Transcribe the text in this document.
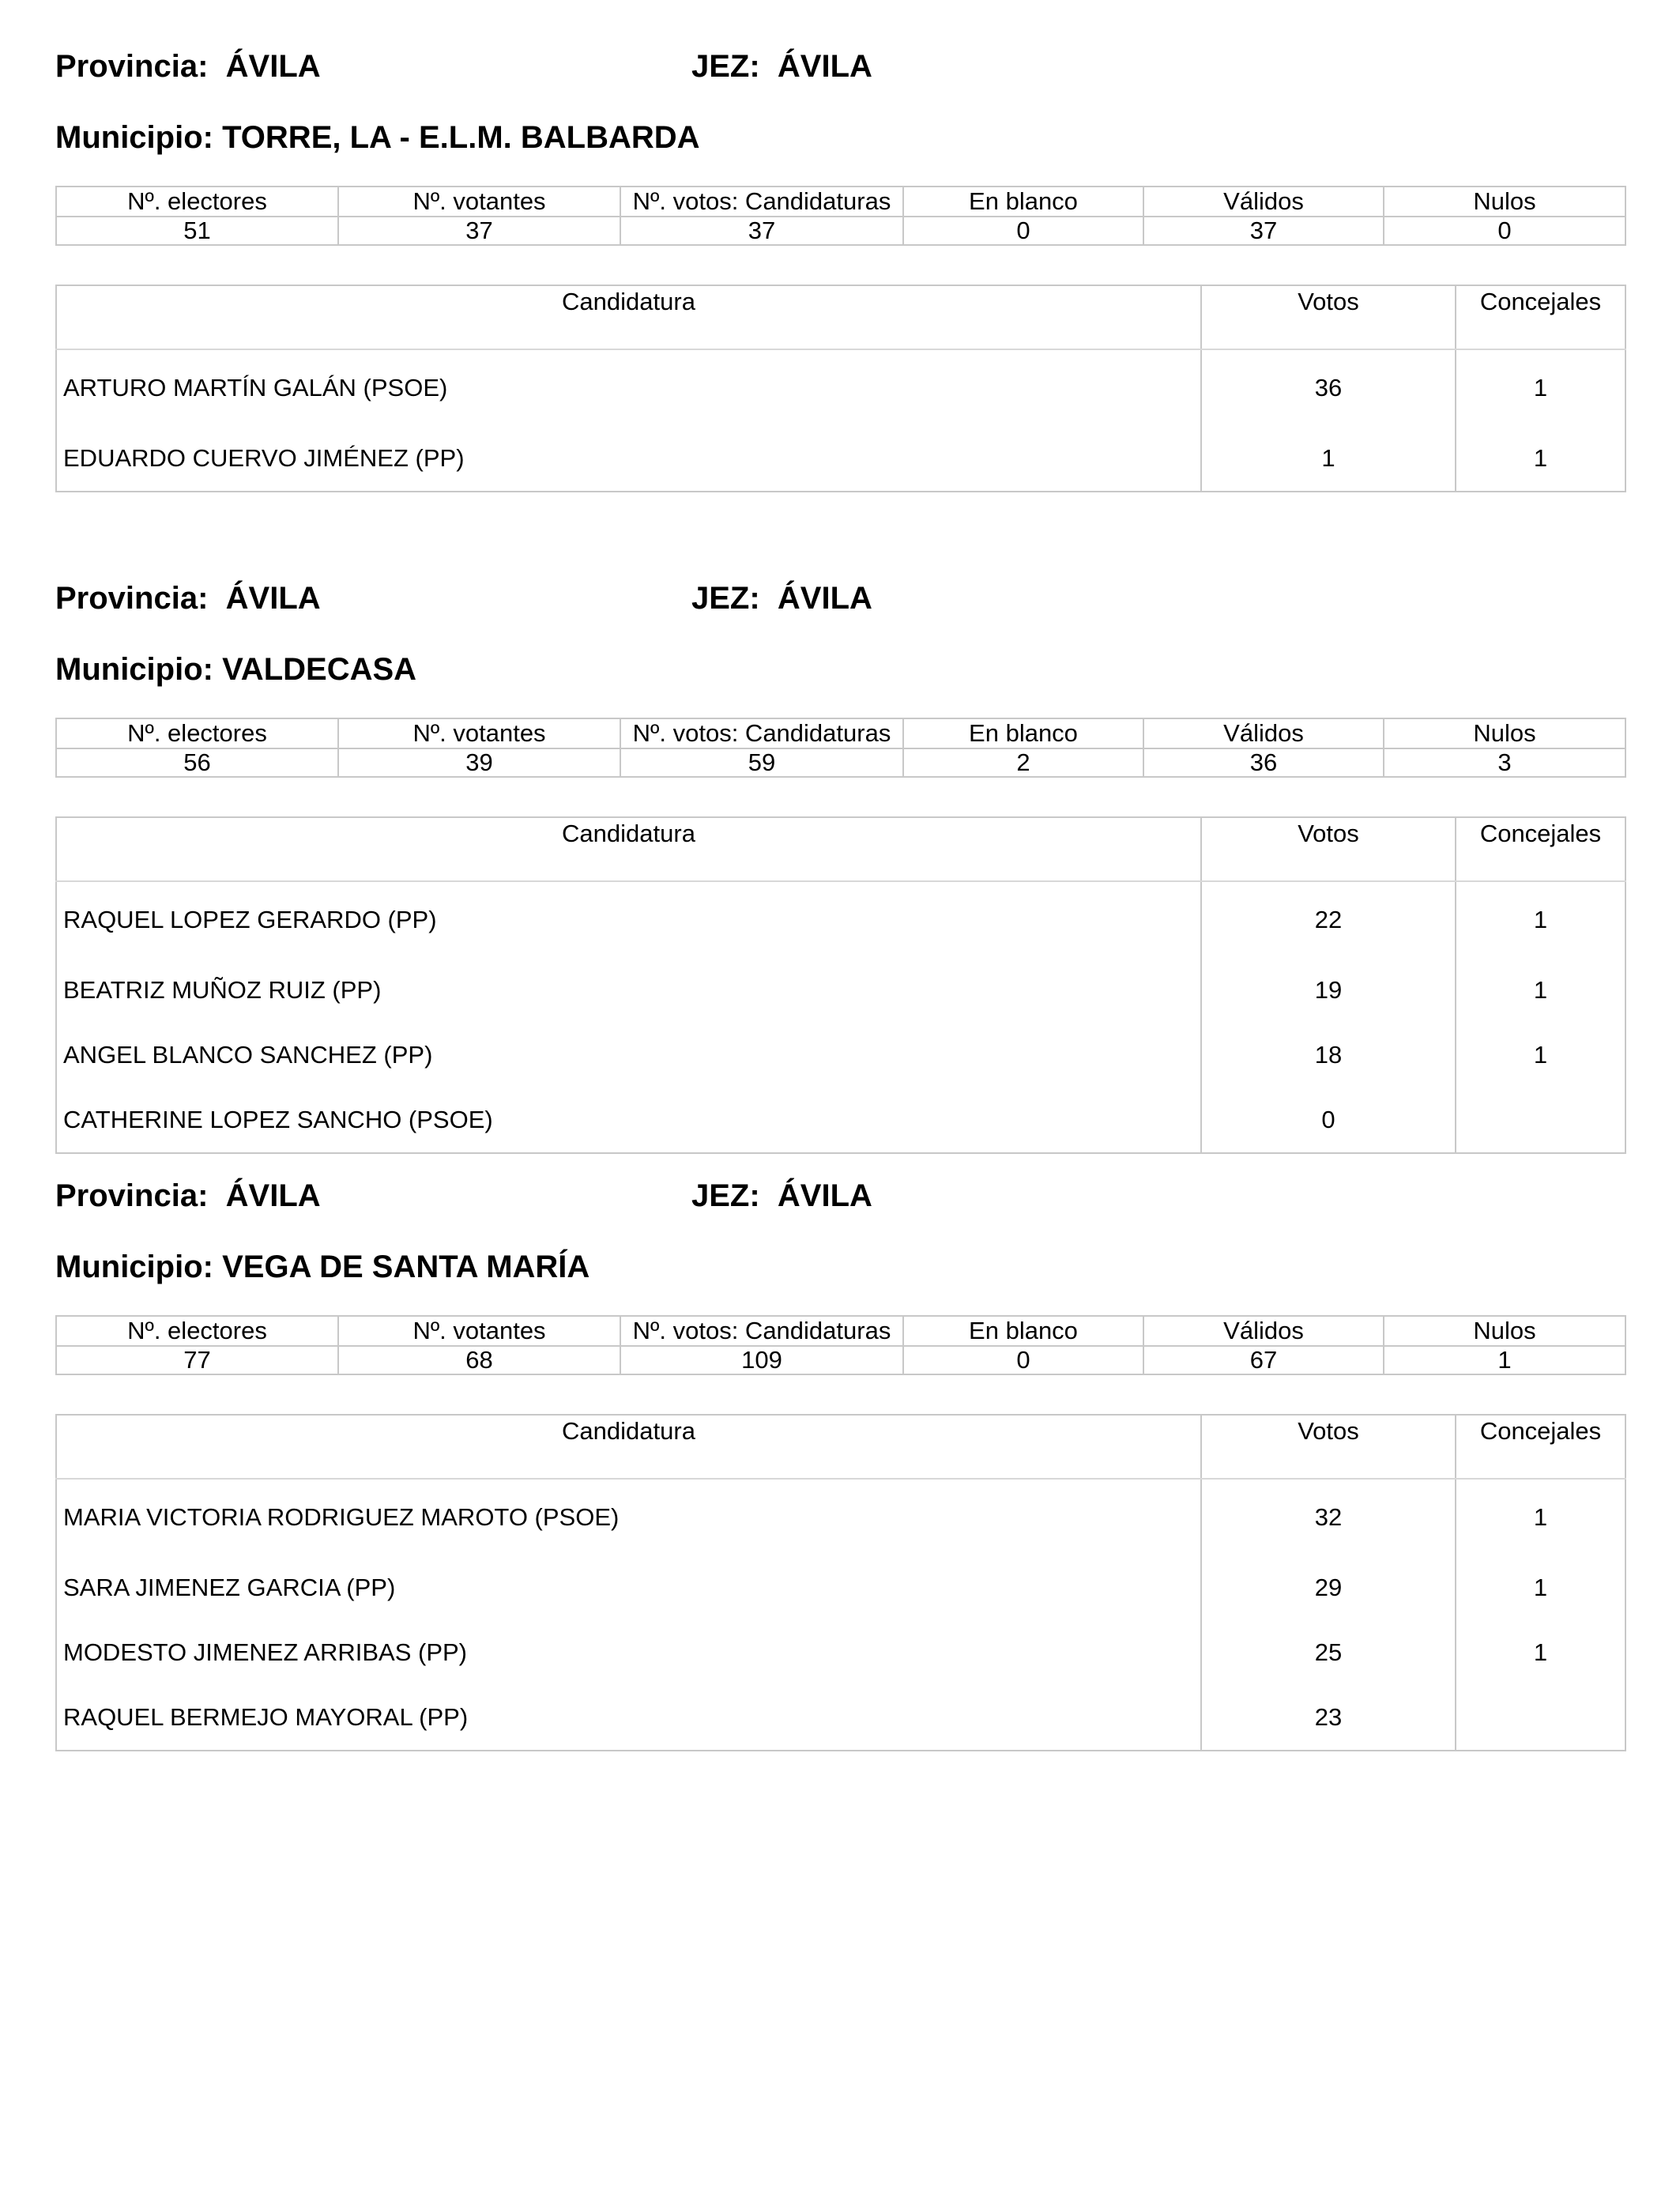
Provincia: ÁVILA	JEZ: ÁVILA
Municipio: TORRE, LA - E.L.M. BALBARDA
Nº. electores	Nº. votantes	Nº. votos: Candidaturas	En blanco	Válidos	Nulos
51	37	37	0	37	0
Candidatura	Votos	Concejales
ARTURO MARTÍN GALÁN (PSOE)	36	1
EDUARDO CUERVO JIMÉNEZ (PP)	1	1
Provincia: ÁVILA	JEZ: ÁVILA
Municipio: VALDECASA
Nº. electores	Nº. votantes	Nº. votos: Candidaturas	En blanco	Válidos	Nulos
56	39	59	2	36	3
Candidatura	Votos	Concejales
RAQUEL LOPEZ GERARDO (PP)	22	1
BEATRIZ MUÑOZ RUIZ (PP)	19	1
ANGEL BLANCO SANCHEZ (PP)	18	1
CATHERINE LOPEZ SANCHO (PSOE)	0	
Provincia: ÁVILA	JEZ: ÁVILA
Municipio: VEGA DE SANTA MARÍA
Nº. electores	Nº. votantes	Nº. votos: Candidaturas	En blanco	Válidos	Nulos
77	68	109	0	67	1
Candidatura	Votos	Concejales
MARIA VICTORIA RODRIGUEZ MAROTO (PSOE)	32	1
SARA JIMENEZ GARCIA (PP)	29	1
MODESTO JIMENEZ ARRIBAS (PP)	25	1
RAQUEL BERMEJO MAYORAL (PP)	23	
